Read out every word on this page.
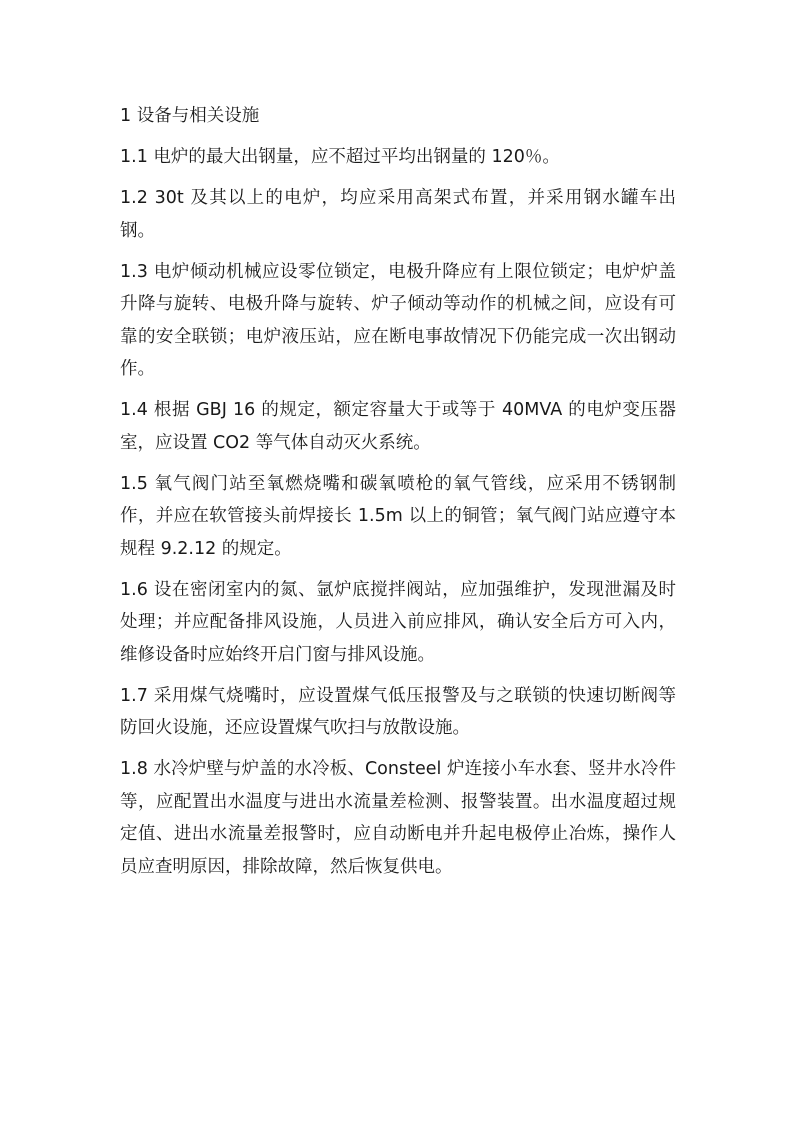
1 设备与相关设施

1.1 电炉的最大出钢量，应不超过平均出钢量的 120％。

1.2 30t 及其以上的电炉，均应采用高架式布置，并采用钢水罐车出钢。

1.3 电炉倾动机械应设零位锁定，电极升降应有上限位锁定；电炉炉盖升降与旋转、电极升降与旋转、炉子倾动等动作的机械之间，应设有可靠的安全联锁；电炉液压站，应在断电事故情况下仍能完成一次出钢动作。

1.4 根据 GBJ 16 的规定，额定容量大于或等于 40MVA 的电炉变压器室，应设置 CO2 等气体自动灭火系统。

1.5 氧气阀门站至氧燃烧嘴和碳氧喷枪的氧气管线，应采用不锈钢制作，并应在软管接头前焊接长 1.5m 以上的铜管；氧气阀门站应遵守本规程 9.2.12 的规定。

1.6 设在密闭室内的氮、氩炉底搅拌阀站，应加强维护，发现泄漏及时处理；并应配备排风设施，人员进入前应排风，确认安全后方可入内，维修设备时应始终开启门窗与排风设施。

1.7 采用煤气烧嘴时，应设置煤气低压报警及与之联锁的快速切断阀等防回火设施，还应设置煤气吹扫与放散设施。

1.8 水冷炉壁与炉盖的水冷板、Consteel 炉连接小车水套、竖井水冷件等，应配置出水温度与进出水流量差检测、报警装置。出水温度超过规定值、进出水流量差报警时，应自动断电并升起电极停止冶炼，操作人员应查明原因，排除故障，然后恢复供电。
